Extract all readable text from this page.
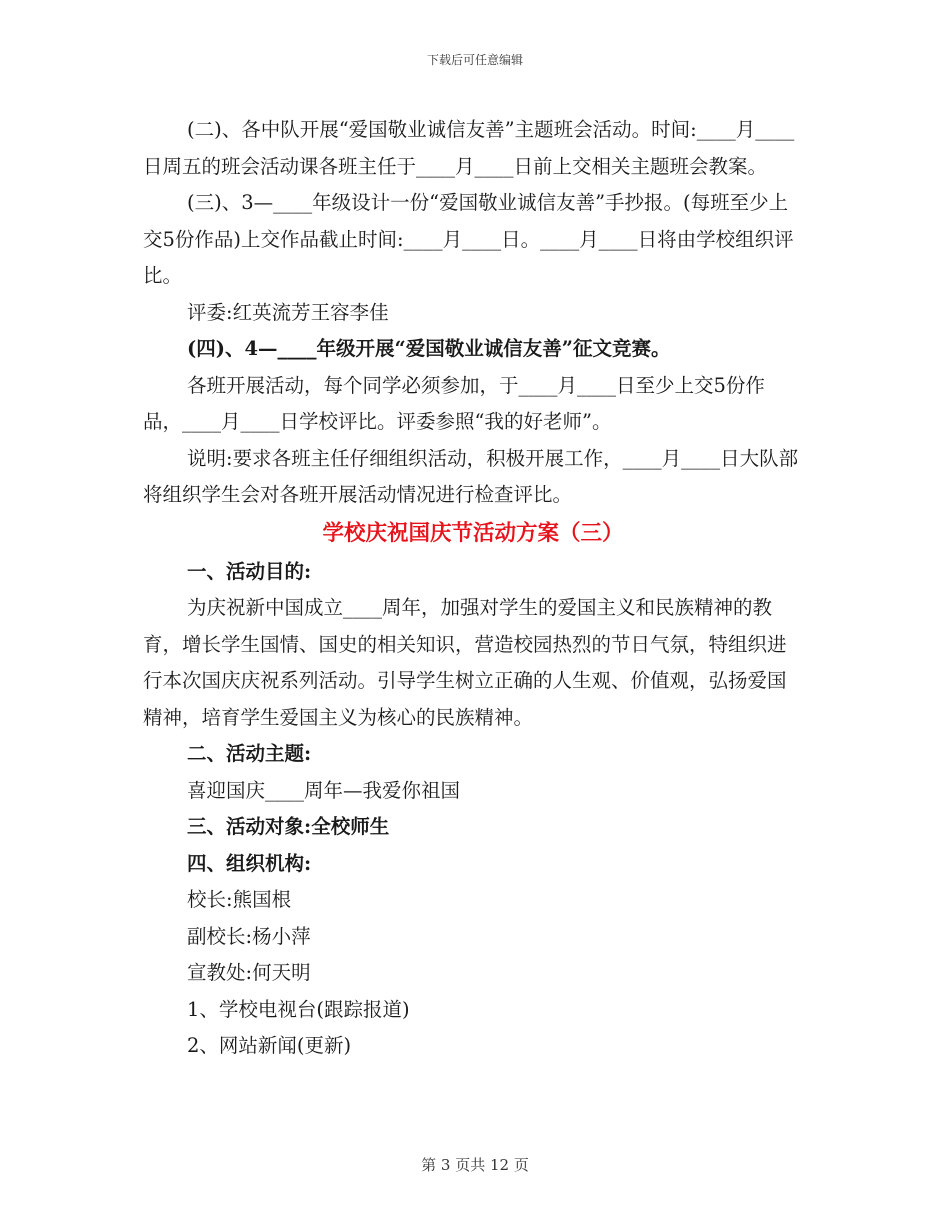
下载后可任意编辑

(二)、各中队开展“爱国敬业诚信友善”主题班会活动。时间:____月____日周五的班会活动课各班主任于____月____日前上交相关主题班会教案。

(三)、3—____年级设计一份“爱国敬业诚信友善”手抄报。(每班至少上交5份作品)上交作品截止时间:____月____日。____月____日将由学校组织评比。

评委:红英流芳王容李佳

(四)、4—____年级开展“爱国敬业诚信友善”征文竞赛。

各班开展活动，每个同学必须参加，于____月____日至少上交5份作品，____月____日学校评比。评委参照“我的好老师”。

说明:要求各班主任仔细组织活动，积极开展工作，____月____日大队部将组织学生会对各班开展活动情况进行检查评比。

学校庆祝国庆节活动方案（三）

一、活动目的:

为庆祝新中国成立____周年，加强对学生的爱国主义和民族精神的教育，增长学生国情、国史的相关知识，营造校园热烈的节日气氛，特组织进行本次国庆庆祝系列活动。引导学生树立正确的人生观、价值观，弘扬爱国精神，培育学生爱国主义为核心的民族精神。

二、活动主题:

喜迎国庆____周年—我爱你祖国

三、活动对象:全校师生

四、组织机构:

校长:熊国根

副校长:杨小萍

宣教处:何天明

1、学校电视台(跟踪报道)

2、网站新闻(更新)

第 3 页共 12 页
